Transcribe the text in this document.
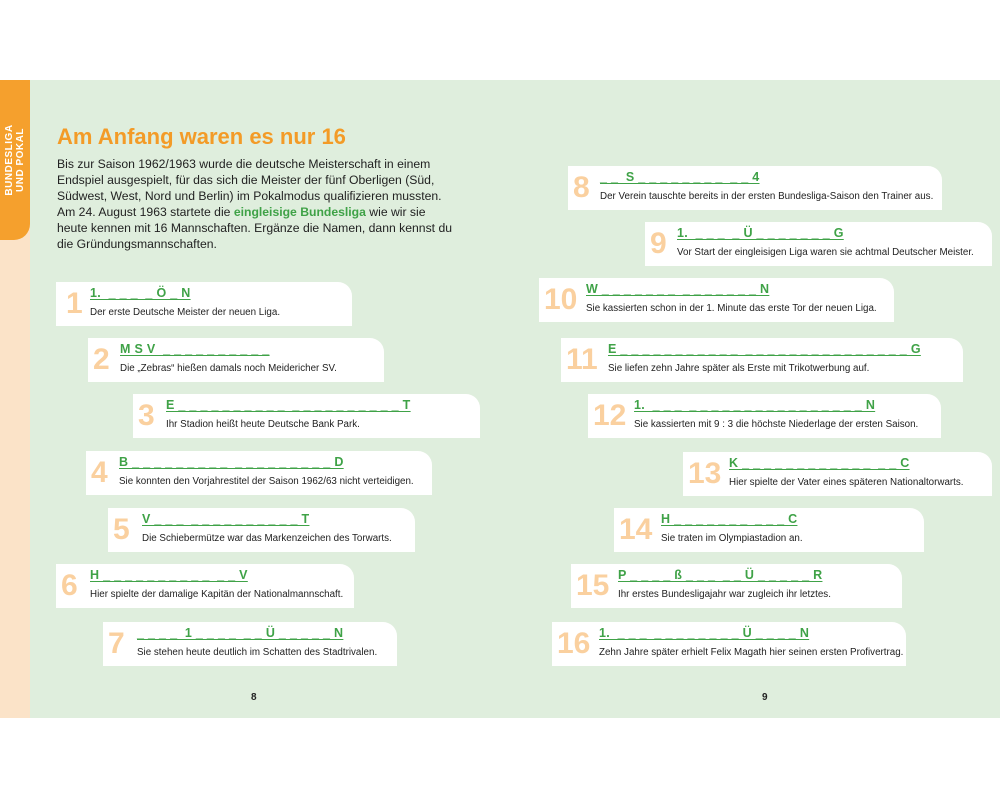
BUNDESLIGA UND POKAL Am Anfang waren es nur 16
Bis zur Saison 1962/1963 wurde die deutsche Meisterschaft in einem Endspiel ausgespielt, für das sich die Meister der fünf Oberligen (Süd, Südwest, West, Nord und Berlin) im Pokalmodus qualifizieren mussten. Am 24. August 1963 startete die eingleisige Bundesliga wie wir sie heute kennen mit 16 Mannschaften. Ergänze die Namen, dann kennst du die Gründungsmannschaften.
1 1.  _ _ _  _ Ö _ N
Der erste Deutsche Meister der neuen Liga.
2 M S V  _ _ _ _ _ _ _ _ _ _
Die „Zebras“ hießen damals noch Meidericher SV.
3 E _ _ _ _ _ _ _ _ _ _  _ _ _ _ _ _ _ _ _ _ T
Ihr Stadion heißt heute Deutsche Bank Park.
4 B _ _ _ _ _ _ _ _ _  _ _ _ _ _ _ _ _ _ D
Sie konnten den Vorjahrestitel der Saison 1962/63 nicht verteidigen.
5 V _ _ _  _ _ _ _ _ _ _ _ _ _ T
Die Schiebermütze war das Markenzeichen des Torwarts.
6 H _ _ _ _ _ _ _ _ _ _  _ _ V
Hier spielte der damalige Kapitän der Nationalmannschaft.
7 _ _ _ _  1 _ _ _ _  _ _ Ü _ _ _ _ _ N
Sie stehen heute deutlich im Schatten des Stadtrivalen.
8 _ _  S _ _ _ _ _ _ _ _  _ _ 4
Der Verein tauschte bereits in der ersten Bundesliga-Saison den Trainer aus.
9 1.  _ _ _  _ Ü _ _ _ _ _ _ _ G
Vor Start der eingleisigen Liga waren sie achtmal Deutscher Meister.
10 W _ _ _ _ _ _ _  _ _ _ _ _ _ _ N
Sie kassierten schon in der 1. Minute das erste Tor der neuen Liga.
11 E _ _ _ _ _ _ _ _ _ _ _  _ _ _ _ _ _ _ _ _ _ _ _ _ _ _ G
Sie liefen zehn Jahre später als Erste mit Trikotwerbung auf.
12 1.  _ _ _  _ _ _ _ _ _ _ _ _ _ _ _ _ _ _ _ N
Sie kassierten mit 9 : 3 die höchste Niederlage der ersten Saison.
13 K _ _ _ _ _ _ _ _ _ _ _ _  _ _ C
Hier spielte der Vater eines späteren Nationaltorwarts.
14 H _ _ _ _ _ _ _  _ _ _ C
Sie traten im Olympiastadion an.
15 P _ _ _ _ ß _ _ _  _ _ Ü _ _ _ _ _ R
Ihr erstes Bundesligajahr war zugleich ihr letztes.
16 1.  _ _ _  _ _ _ _ _ _ _ _ Ü _ _ _ _ N
Zehn Jahre später erhielt Felix Magath hier seinen ersten Profivertrag.
8	9
